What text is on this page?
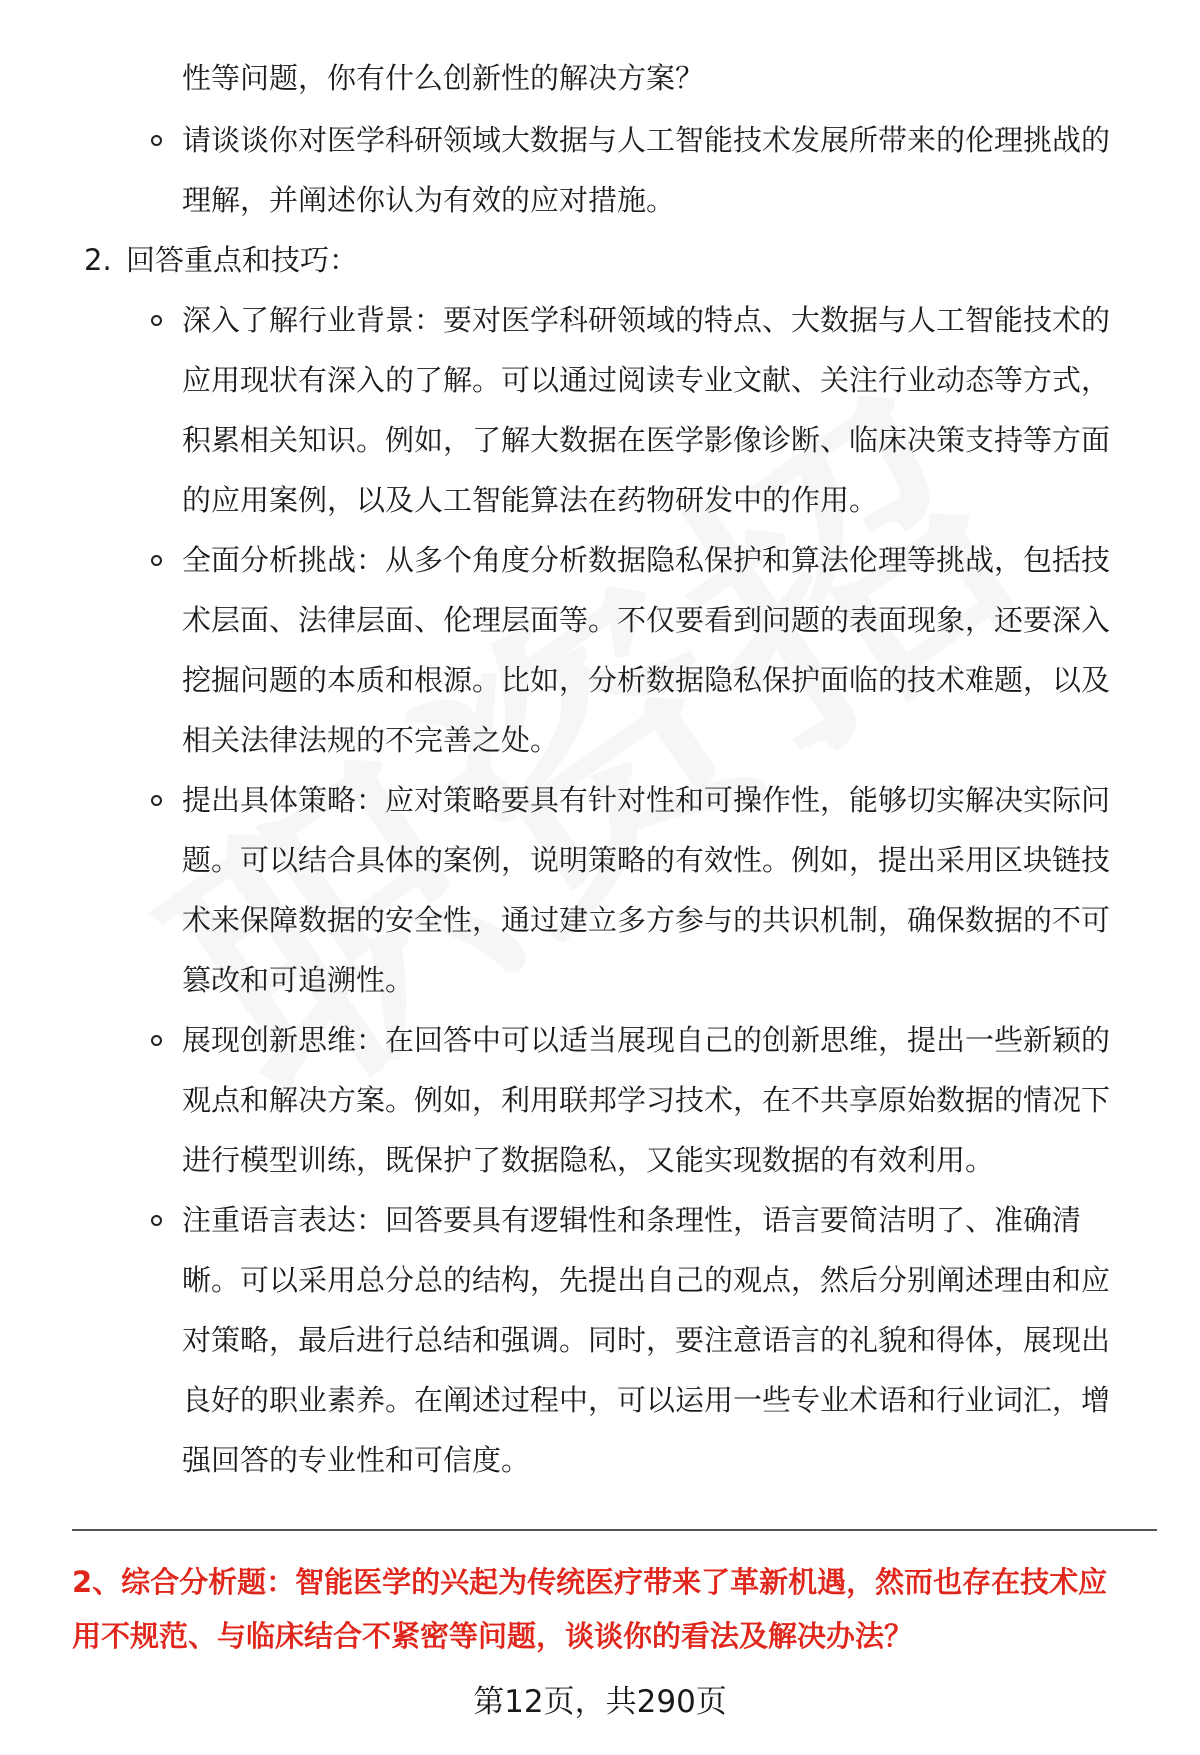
性等问题，你有什么创新性的解决方案？
请谈谈你对医学科研领域大数据与人工智能技术发展所带来的伦理挑战的
理解，并阐述你认为有效的应对措施。
2. 回答重点和技巧：
深入了解行业背景：要对医学科研领域的特点、大数据与人工智能技术的
应用现状有深入的了解。可以通过阅读专业文献、关注行业动态等方式，
积累相关知识。例如，了解大数据在医学影像诊断、临床决策支持等方面
的应用案例，以及人工智能算法在药物研发中的作用。
全面分析挑战：从多个角度分析数据隐私保护和算法伦理等挑战，包括技
术层面、法律层面、伦理层面等。不仅要看到问题的表面现象，还要深入
挖掘问题的本质和根源。比如，分析数据隐私保护面临的技术难题，以及
相关法律法规的不完善之处。
提出具体策略：应对策略要具有针对性和可操作性，能够切实解决实际问
题。可以结合具体的案例，说明策略的有效性。例如，提出采用区块链技
术来保障数据的安全性，通过建立多方参与的共识机制，确保数据的不可
篡改和可追溯性。
展现创新思维：在回答中可以适当展现自己的创新思维，提出一些新颖的
观点和解决方案。例如，利用联邦学习技术，在不共享原始数据的情况下
进行模型训练，既保护了数据隐私，又能实现数据的有效利用。
注重语言表达：回答要具有逻辑性和条理性，语言要简洁明了、准确清
晰。可以采用总分总的结构，先提出自己的观点，然后分别阐述理由和应
对策略，最后进行总结和强调。同时，要注意语言的礼貌和得体，展现出
良好的职业素养。在阐述过程中，可以运用一些专业术语和行业词汇，增
强回答的专业性和可信度。
2、综合分析题：智能医学的兴起为传统医疗带来了革新机遇，然而也存在技术应
用不规范、与临床结合不紧密等问题，谈谈你的看法及解决办法？
第12页，共290页
